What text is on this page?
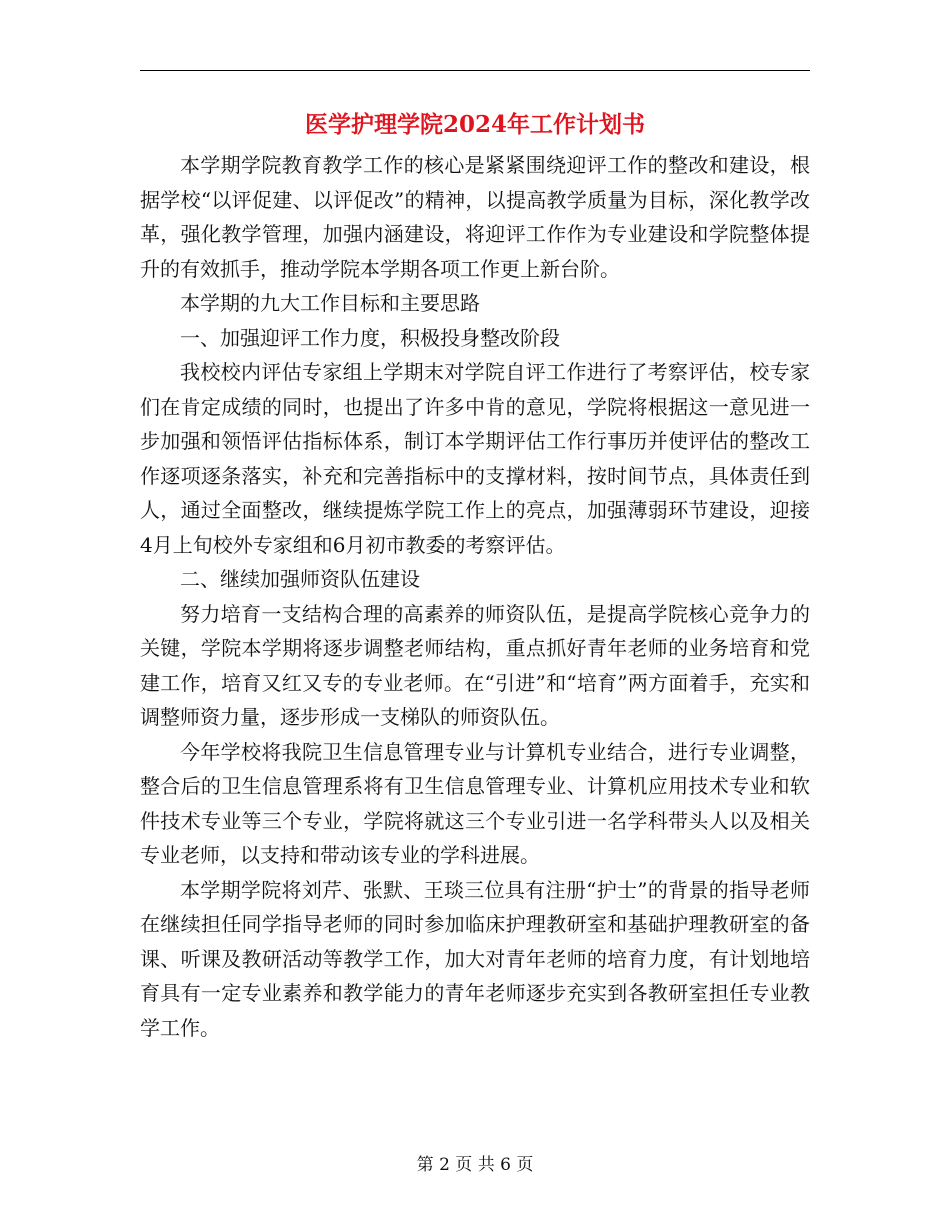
医学护理学院2024年工作计划书

本学期学院教育教学工作的核心是紧紧围绕迎评工作的整改和建设，根据学校“以评促建、以评促改”的精神，以提高教学质量为目标，深化教学改革，强化教学管理，加强内涵建设，将迎评工作作为专业建设和学院整体提升的有效抓手，推动学院本学期各项工作更上新台阶。

本学期的九大工作目标和主要思路

一、加强迎评工作力度，积极投身整改阶段

我校校内评估专家组上学期末对学院自评工作进行了考察评估，校专家们在肯定成绩的同时，也提出了许多中肯的意见，学院将根据这一意见进一步加强和领悟评估指标体系，制订本学期评估工作行事历并使评估的整改工作逐项逐条落实，补充和完善指标中的支撑材料，按时间节点，具体责任到人，通过全面整改，继续提炼学院工作上的亮点，加强薄弱环节建设，迎接4月上旬校外专家组和6月初市教委的考察评估。

二、继续加强师资队伍建设

努力培育一支结构合理的高素养的师资队伍，是提高学院核心竞争力的关键，学院本学期将逐步调整老师结构，重点抓好青年老师的业务培育和党建工作，培育又红又专的专业老师。在“引进”和“培育”两方面着手，充实和调整师资力量，逐步形成一支梯队的师资队伍。

今年学校将我院卫生信息管理专业与计算机专业结合，进行专业调整，整合后的卫生信息管理系将有卫生信息管理专业、计算机应用技术专业和软件技术专业等三个专业，学院将就这三个专业引进一名学科带头人以及相关专业老师，以支持和带动该专业的学科进展。

本学期学院将刘芹、张默、王琰三位具有注册“护士”的背景的指导老师在继续担任同学指导老师的同时参加临床护理教研室和基础护理教研室的备课、听课及教研活动等教学工作，加大对青年老师的培育力度，有计划地培育具有一定专业素养和教学能力的青年老师逐步充实到各教研室担任专业教学工作。

第 2 页 共 6 页
